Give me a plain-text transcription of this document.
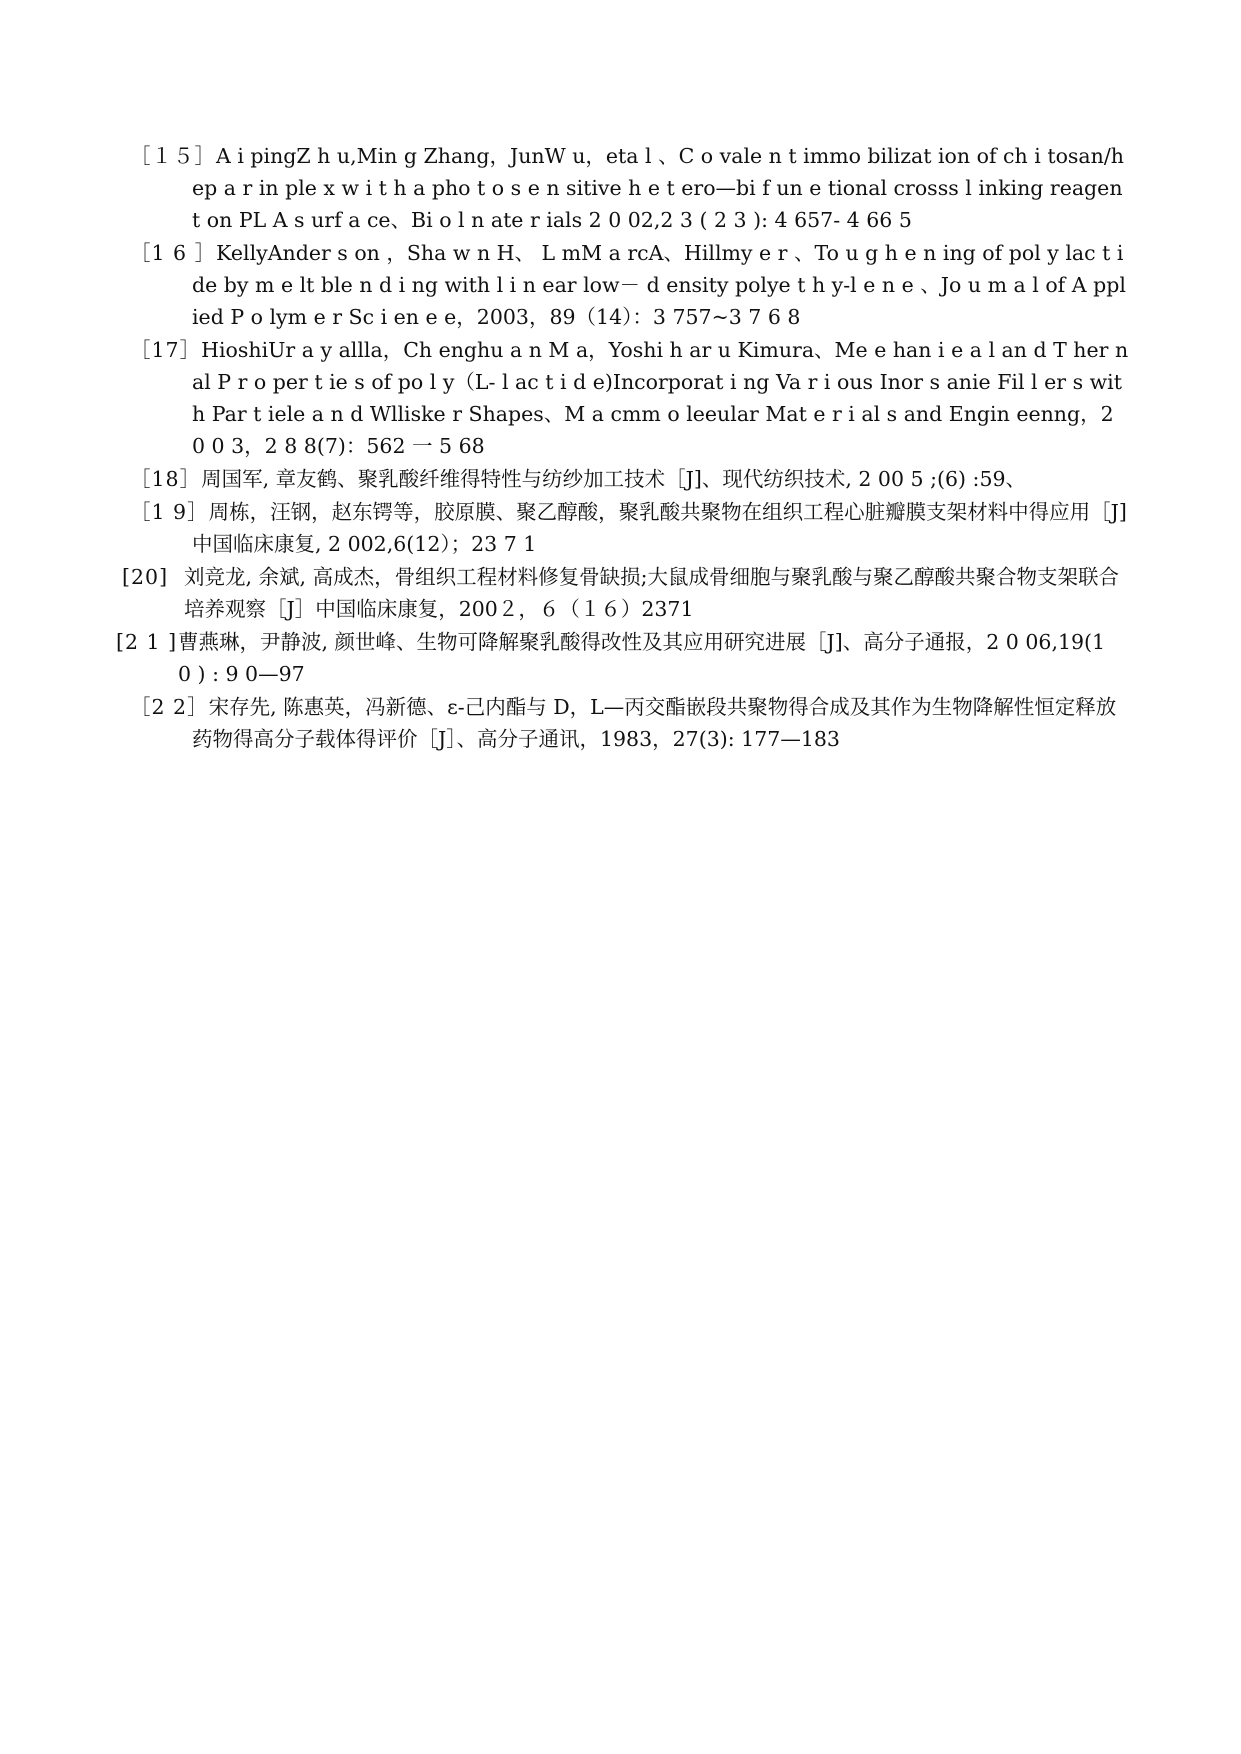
［１５］A i pingZ h u,Min g Zhang，JunW u，eta l 、C o vale n t immo bilizat ion of ch i tosan/hep a r in ple x w i t h a pho t o s e n sitive h e t ero—bi f un e tional crosss l inking reagen t on PL A s urf a ce、Bi o l n ate r ials 2 0 02,2 3 ( 2 3 ): 4 657- 4 66 5
［1 6 ］KellyAnder s on ，Sha w n H、 L mM a rcA、Hillmy e r 、To u g h e n ing of pol y lac t ide by m e lt ble n d i ng with l i n ear low－ d ensity polye t h y-l e n e 、Jo u m a l of A pplied P o lym e r Sc i en e e，2003，89（14）：3 757~3 7 6 8
［17］HioshiUr a y allla，Ch enghu a n M a，Yoshi h ar u Kimura、Me e han i e a l an d T her nal P r o per t ie s of po l y（L- l ac t i d e)Incorporat i ng Va r i ous Inor s anie Fil l er s with Par t iele a n d Wlliske r Shapes、M a cmm o leeular Mat e r i al s and Engin eenng，2 0 0 3，2 8 8(7)：562 一 5 68
［18］周国军, 章友鹤、聚乳酸纤维得特性与纺纱加工技术［J]、现代纺织技术, 2 00 5 ;(6) :59、
［1 9］周栋，汪钢，赵东锷等，胶原膜、聚乙醇酸，聚乳酸共聚物在组织工程心脏瓣膜支架材料中得应用［J]中国临床康复, 2 002,6(12）；23 7 1
[20] 刘竞龙, 余斌, 高成杰，骨组织工程材料修复骨缺损;大鼠成骨细胞与聚乳酸与聚乙醇酸共聚合物支架联合培养观察［J］中国临床康复，200２，６（１６）2371
[2 1 ]曹燕琳，尹静波, 颜世峰、生物可降解聚乳酸得改性及其应用研究进展［J]、高分子通报，2 0 06,19(1 0 ) : 9 0—97
［2 2］宋存先, 陈惠英，冯新德、ε-己内酯与 D，L—丙交酯嵌段共聚物得合成及其作为生物降解性恒定释放药物得高分子载体得评价［J］、高分子通讯，1983，27(3): 177—183
